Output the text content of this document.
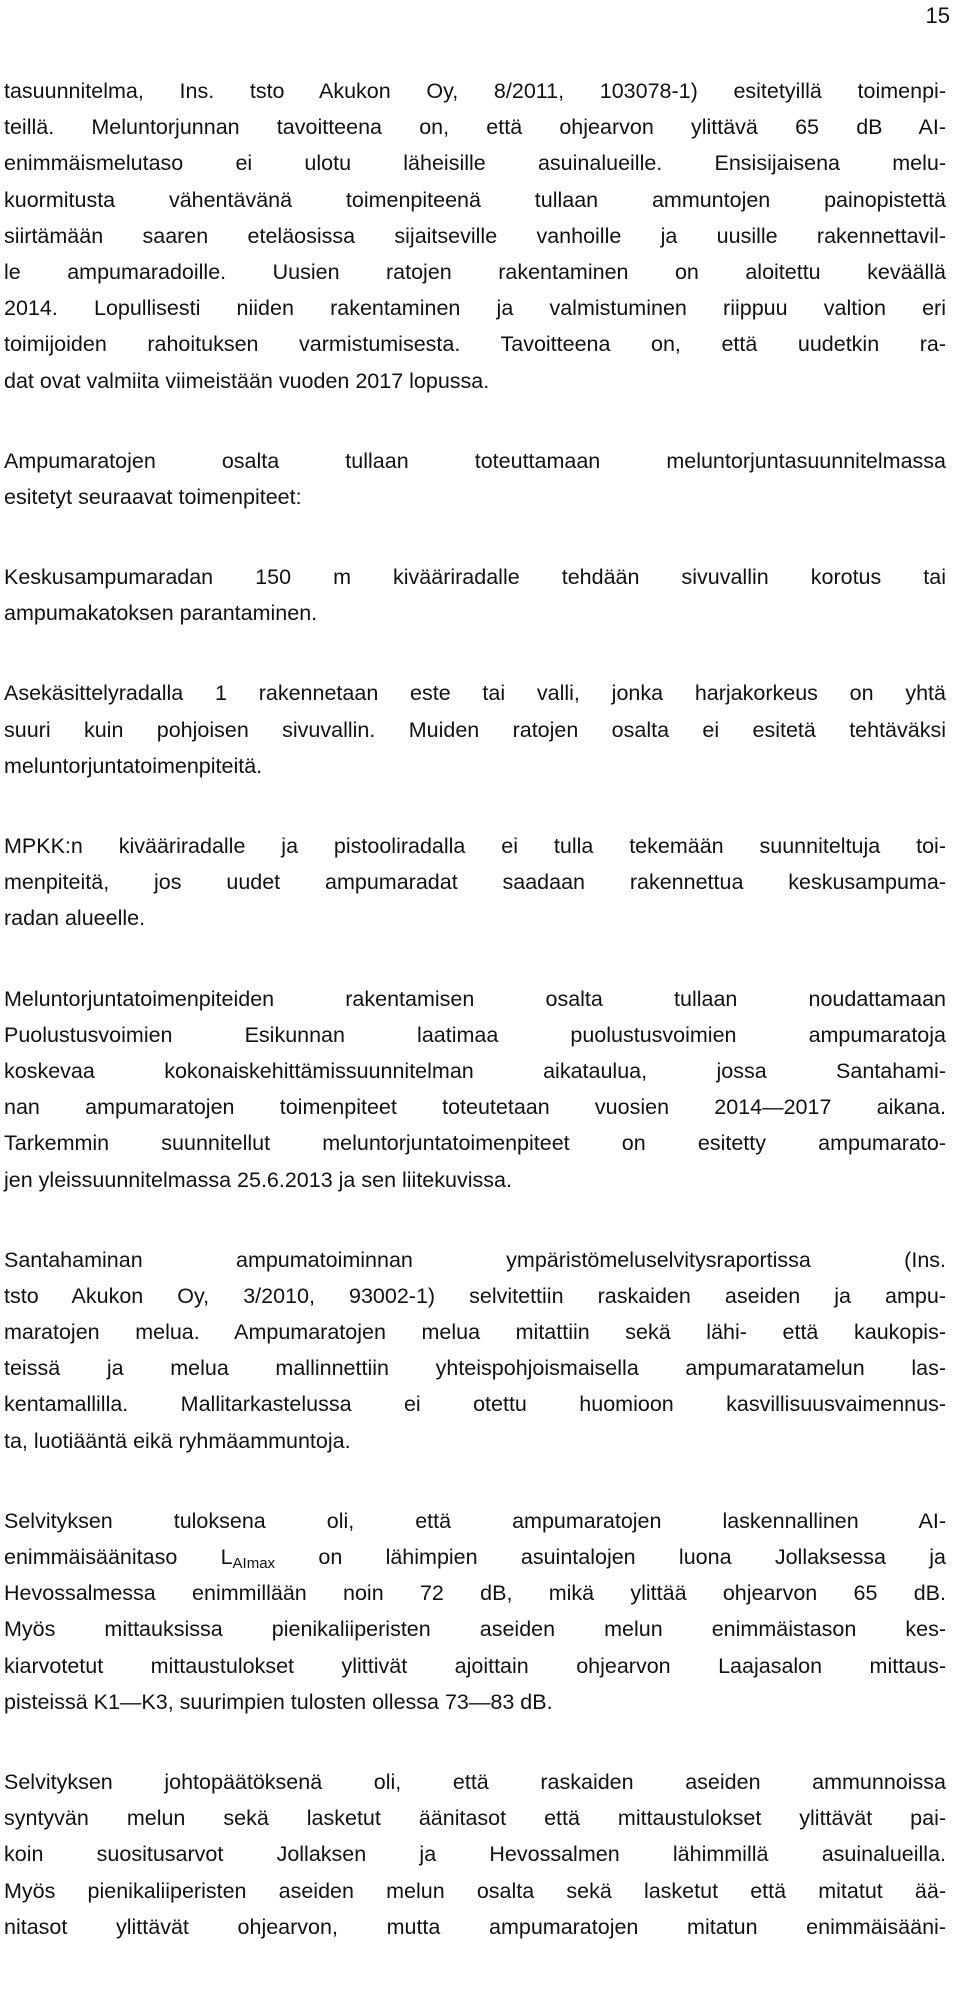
15
tasuunnitelma, Ins. tsto Akukon Oy, 8/2011, 103078-1) esitetyillä toimenpi-
teillä. Meluntorjunnan tavoitteena on, että ohjearvon ylittävä 65 dB AI-
enimmäismelutaso ei ulotu läheisille asuinalueille. Ensisijaisena melu-
kuormitusta vähentävänä toimenpiteenä tullaan ammuntojen painopistettä
siirtämään saaren eteläosissa sijaitseville vanhoille ja uusille rakennettavil-
le ampumaradoille. Uusien ratojen rakentaminen on aloitettu keväällä
2014. Lopullisesti niiden rakentaminen ja valmistuminen riippuu valtion eri
toimijoiden rahoituksen varmistumisesta. Tavoitteena on, että uudetkin ra-
dat ovat valmiita viimeistään vuoden 2017 lopussa.
Ampumaratojen osalta tullaan toteuttamaan meluntorjuntasuunnitelmassa
esitetyt seuraavat toimenpiteet:
Keskusampumaradan 150 m kivääriradalle tehdään sivuvallin korotus tai
ampumakatoksen parantaminen.
Asekäsittelyradalla 1 rakennetaan este tai valli, jonka harjakorkeus on yhtä
suuri kuin pohjoisen sivuvallin. Muiden ratojen osalta ei esitetä tehtäväksi
meluntorjuntatoimenpiteitä.
MPKK:n kivääriradalle ja pistooliradalla ei tulla tekemään suunniteltuja toi-
menpiteitä, jos uudet ampumaradat saadaan rakennettua keskusampuma-
radan alueelle.
Meluntorjuntatoimenpiteiden rakentamisen osalta tullaan noudattamaan
Puolustusvoimien Esikunnan laatimaa puolustusvoimien ampumaratoja
koskevaa kokonaiskehittämissuunnitelman aikataulua, jossa Santahami-
nan ampumaratojen toimenpiteet toteutetaan vuosien 2014—2017 aikana.
Tarkemmin suunnitellut meluntorjuntatoimenpiteet on esitetty ampumarato-
jen yleissuunnitelmassa 25.6.2013 ja sen liitekuvissa.
Santahaminan ampumatoiminnan ympäristömeluselvitysraportissa (Ins.
tsto Akukon Oy, 3/2010, 93002-1) selvitettiin raskaiden aseiden ja ampu-
maratojen melua. Ampumaratojen melua mitattiin sekä lähi- että kaukopis-
teissä ja melua mallinnettiin yhteispohjoismaisella ampumaratamelun las-
kentamallilla. Mallitarkastelussa ei otettu huomioon kasvillisuusvaimennus-
ta, luotiääntä eikä ryhmäammuntoja.
Selvityksen tuloksena oli, että ampumaratojen laskennallinen AI-
enimmäisäänitaso $L_{AImax}$ on lähimpien asuintalojen luona Jollaksessa ja
Hevossalmessa enimmillään noin 72 dB, mikä ylittää ohjearvon 65 dB.
Myös mittauksissa pienikaliiperisten aseiden melun enimmäistason kes-
kiarvotetut mittaustulokset ylittivät ajoittain ohjearvon Laajasalon mittaus-
pisteissä K1—K3, suurimpien tulosten ollessa 73—83 dB.
Selvityksen johtopäätöksenä oli, että raskaiden aseiden ammunnoissa
syntyvän melun sekä lasketut äänitasot että mittaustulokset ylittävät pai-
koin suositusarvot Jollaksen ja Hevossalmen lähimmillä asuinalueilla.
Myös pienikaliiperisten aseiden melun osalta sekä lasketut että mitatut ää-
nitasot ylittävät ohjearvon, mutta ampumaratojen mitatun enimmäisääni-
